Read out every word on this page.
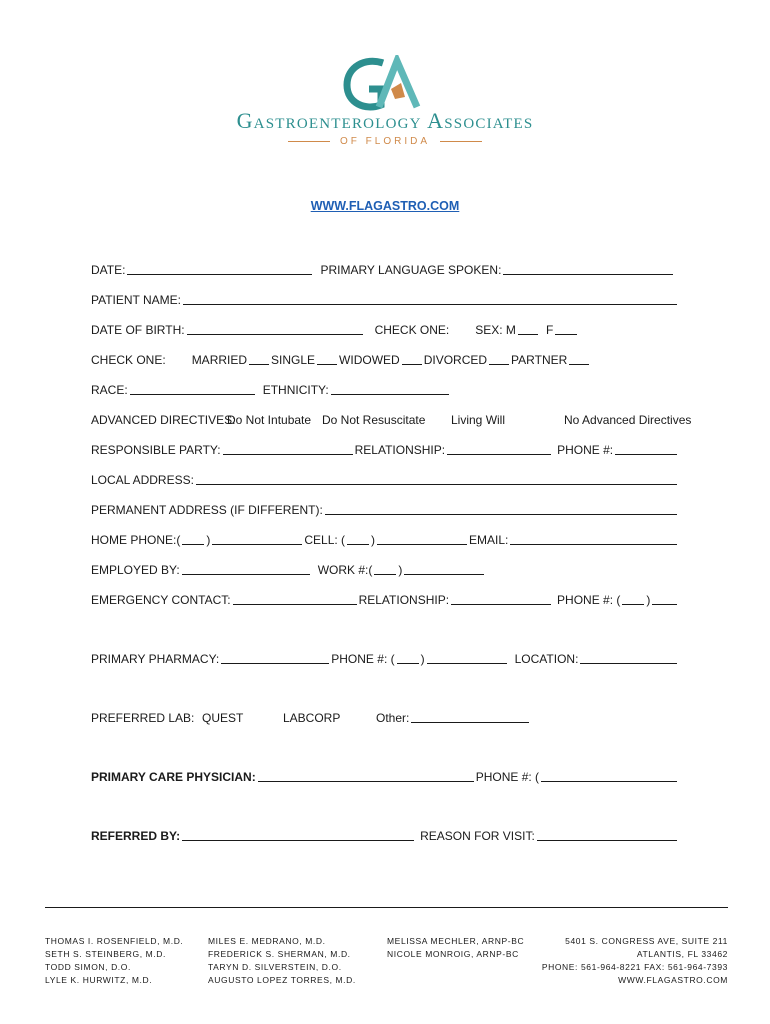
Gastroenterology Associates
OF FLORIDA
WWW.FLAGASTRO.COM
DATE:	PRIMARY LANGUAGE SPOKEN:
PATIENT NAME:
DATE OF BIRTH:	CHECK ONE: SEX: M	F
CHECK ONE: MARRIED SINGLE WIDOWED DIVORCED PARTNER
RACE:	ETHNICITY:
ADVANCED DIRECTIVES:
Do Not Intubate Do Not Resuscitate Living Will	No Advanced Directives
RESPONSIBLE PARTY:	RELATIONSHIP:	PHONE #:
LOCAL ADDRESS:
PERMANENT ADDRESS (IF DIFFERENT):
HOME PHONE:( )	CELL: ( )	EMAIL:
EMPLOYED BY:	WORK #:( )
EMERGENCY CONTACT:	RELATIONSHIP:	PHONE #: ( )
PRIMARY PHARMACY:	PHONE #: ( )	LOCATION:
PREFERRED LAB: QUEST	LABCORP	Other:
PRIMARY CARE PHYSICIAN:	PHONE #: (
REFERRED BY:	REASON FOR VISIT:
THOMAS I. ROSENFIELD, M.D.
SETH S. STEINBERG, M.D.
TODD SIMON, D.O.
LYLE K. HURWITZ, M.D.
MILES E. MEDRANO, M.D.
FREDERICK S. SHERMAN, M.D.
TARYN D. SILVERSTEIN, D.O.
AUGUSTO LOPEZ TORRES, M.D.
MELISSA MECHLER, ARNP-BC
NICOLE MONROIG, ARNP-BC
5401 S. CONGRESS AVE, SUITE 211
ATLANTIS, FL 33462
PHONE: 561-964-8221 FAX: 561-964-7393
WWW.FLAGASTRO.COM
